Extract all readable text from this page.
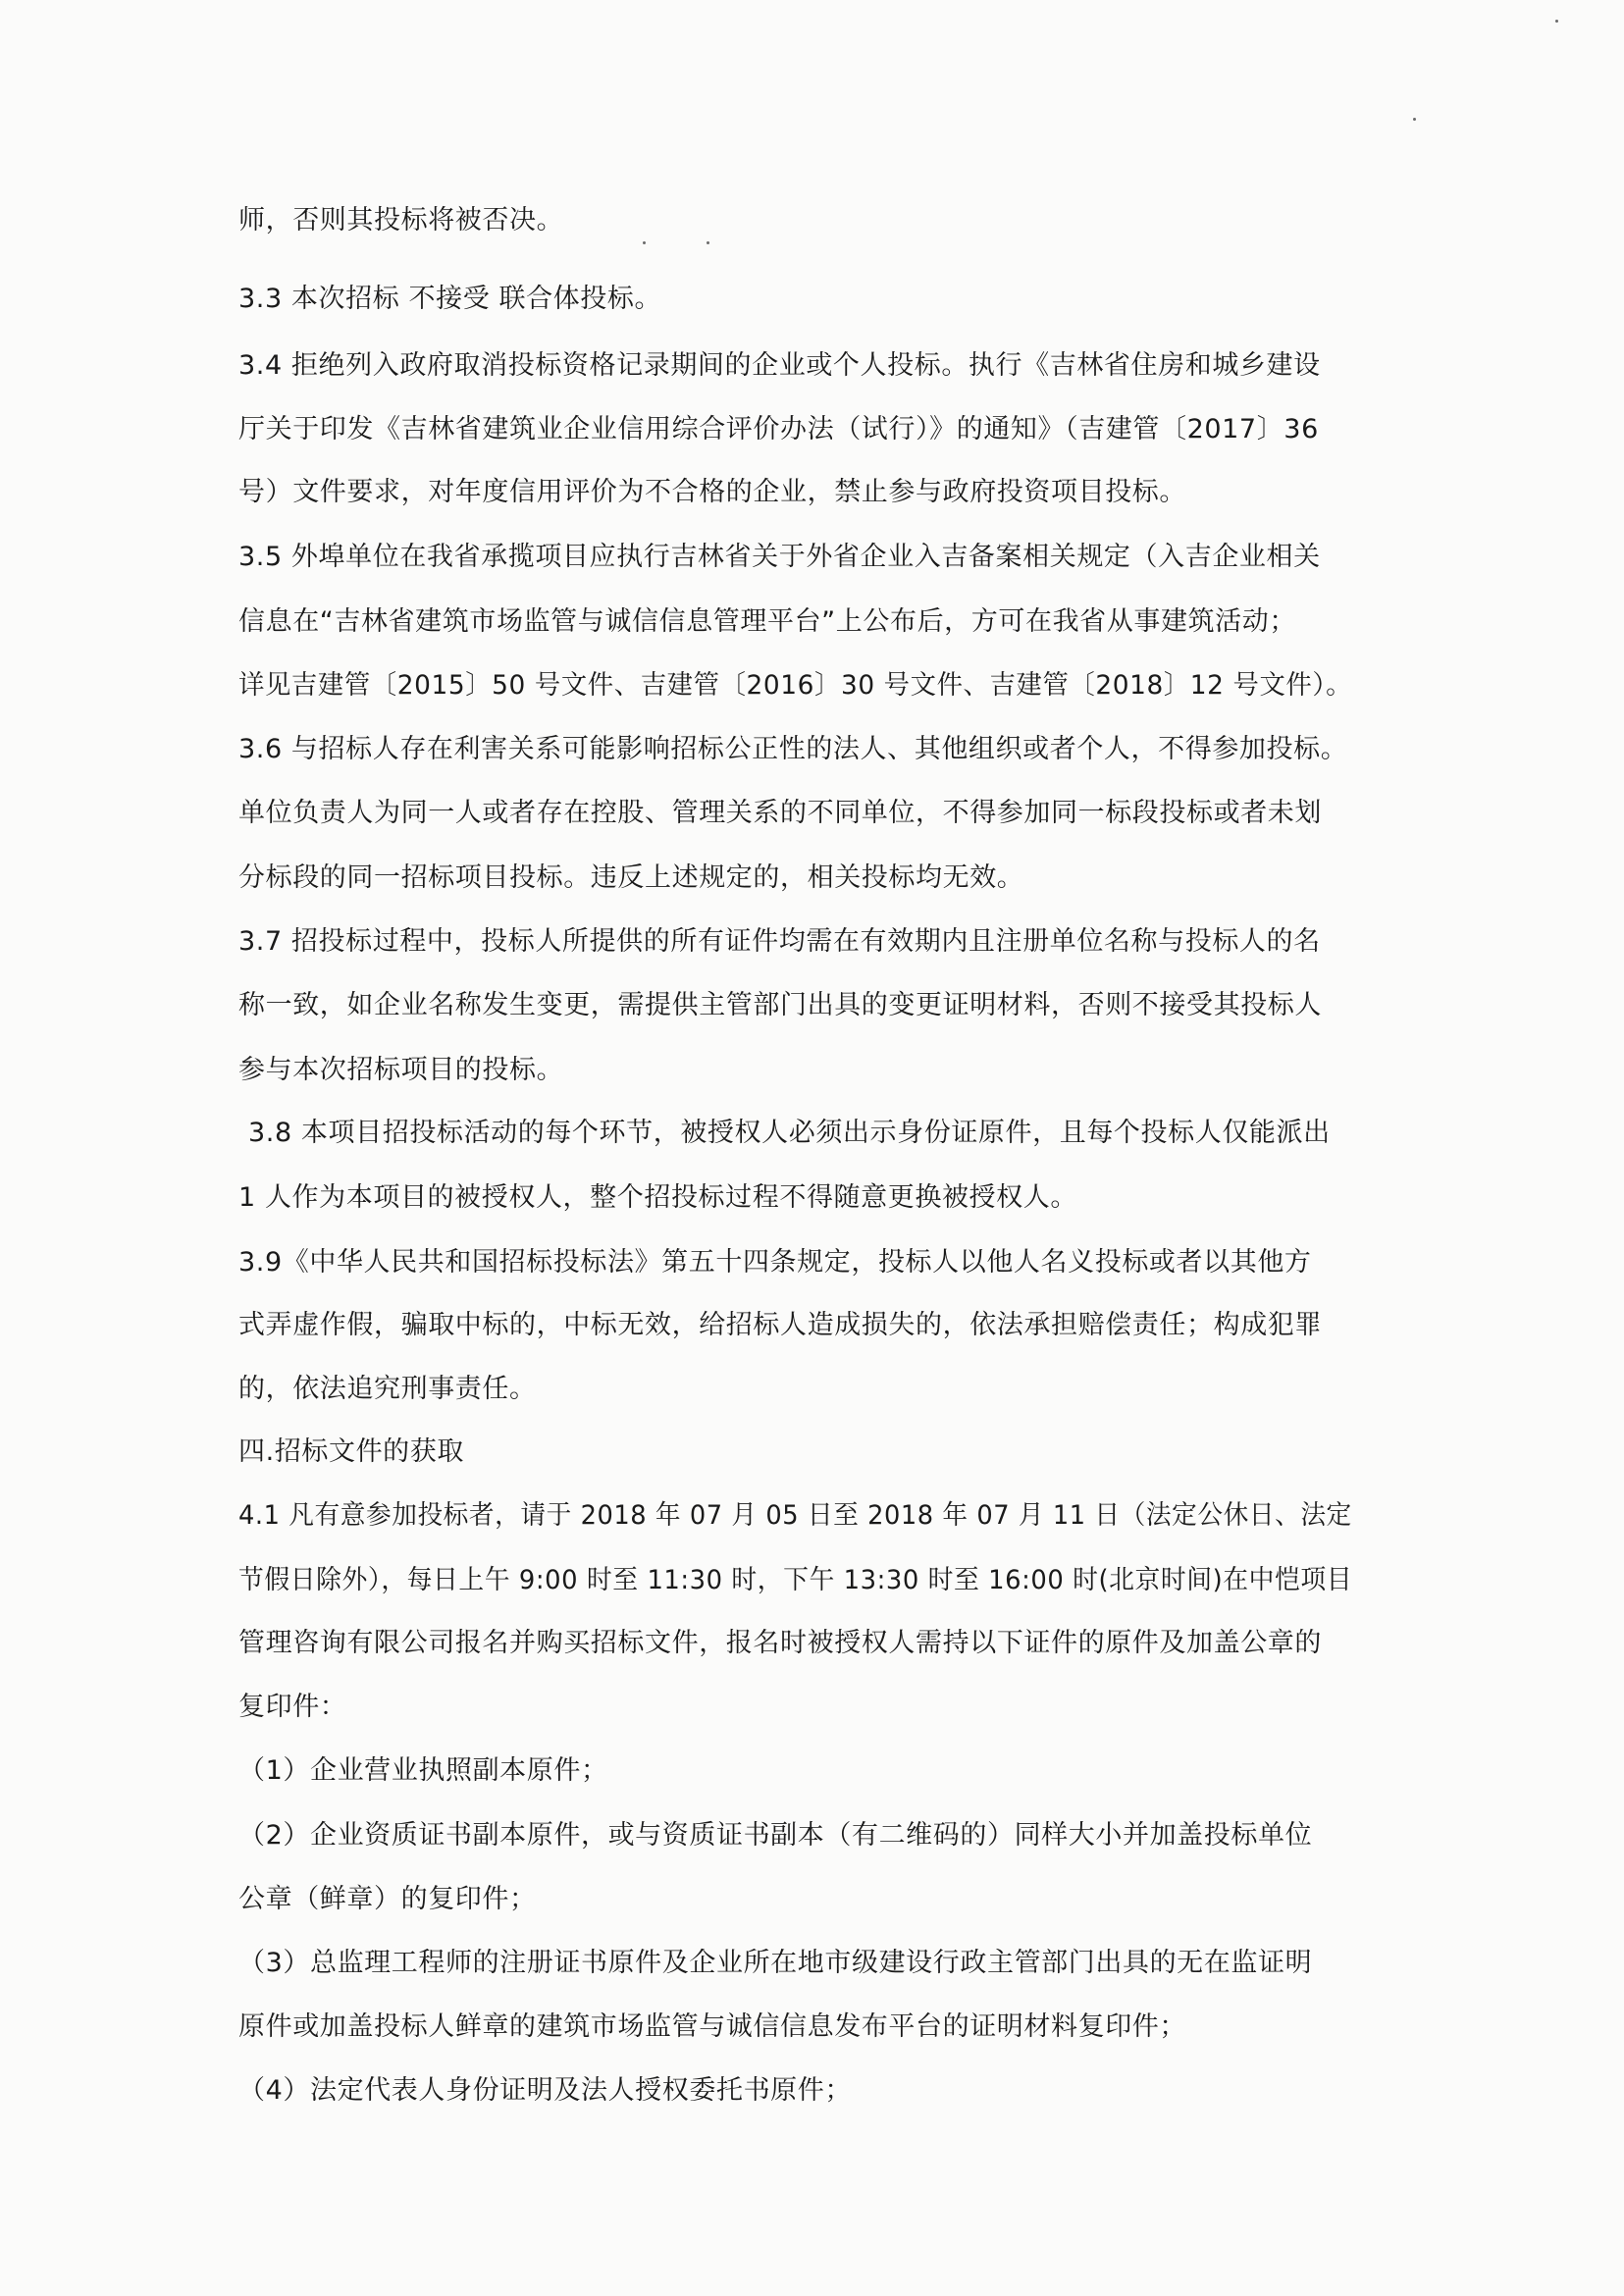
师，否则其投标将被否决。
3.3 本次招标 不接受 联合体投标。
3.4 拒绝列入政府取消投标资格记录期间的企业或个人投标。执行《吉林省住房和城乡建设
厅关于印发《吉林省建筑业企业信用综合评价办法（试行）》的通知》（吉建管〔2017〕36
号）文件要求，对年度信用评价为不合格的企业，禁止参与政府投资项目投标。
3.5 外埠单位在我省承揽项目应执行吉林省关于外省企业入吉备案相关规定（入吉企业相关
信息在“吉林省建筑市场监管与诚信信息管理平台”上公布后，方可在我省从事建筑活动；
详见吉建管〔2015〕50 号文件、吉建管〔2016〕30 号文件、吉建管〔2018〕12 号文件）。
3.6 与招标人存在利害关系可能影响招标公正性的法人、其他组织或者个人，不得参加投标。
单位负责人为同一人或者存在控股、管理关系的不同单位，不得参加同一标段投标或者未划
分标段的同一招标项目投标。违反上述规定的，相关投标均无效。
3.7 招投标过程中，投标人所提供的所有证件均需在有效期内且注册单位名称与投标人的名
称一致，如企业名称发生变更，需提供主管部门出具的变更证明材料，否则不接受其投标人
参与本次招标项目的投标。
3.8 本项目招投标活动的每个环节，被授权人必须出示身份证原件，且每个投标人仅能派出
1 人作为本项目的被授权人，整个招投标过程不得随意更换被授权人。
3.9《中华人民共和国招标投标法》第五十四条规定，投标人以他人名义投标或者以其他方
式弄虚作假，骗取中标的，中标无效，给招标人造成损失的，依法承担赔偿责任；构成犯罪
的，依法追究刑事责任。
四.招标文件的获取
4.1 凡有意参加投标者，请于 2018 年 07 月 05 日至 2018 年 07 月 11 日（法定公休日、法定
节假日除外），每日上午 9:00 时至 11:30 时，下午 13:30 时至 16:00 时(北京时间)在中恺项目
管理咨询有限公司报名并购买招标文件，报名时被授权人需持以下证件的原件及加盖公章的
复印件：
（1）企业营业执照副本原件；
（2）企业资质证书副本原件，或与资质证书副本（有二维码的）同样大小并加盖投标单位
公章（鲜章）的复印件；
（3）总监理工程师的注册证书原件及企业所在地市级建设行政主管部门出具的无在监证明
原件或加盖投标人鲜章的建筑市场监管与诚信信息发布平台的证明材料复印件；
（4）法定代表人身份证明及法人授权委托书原件；
